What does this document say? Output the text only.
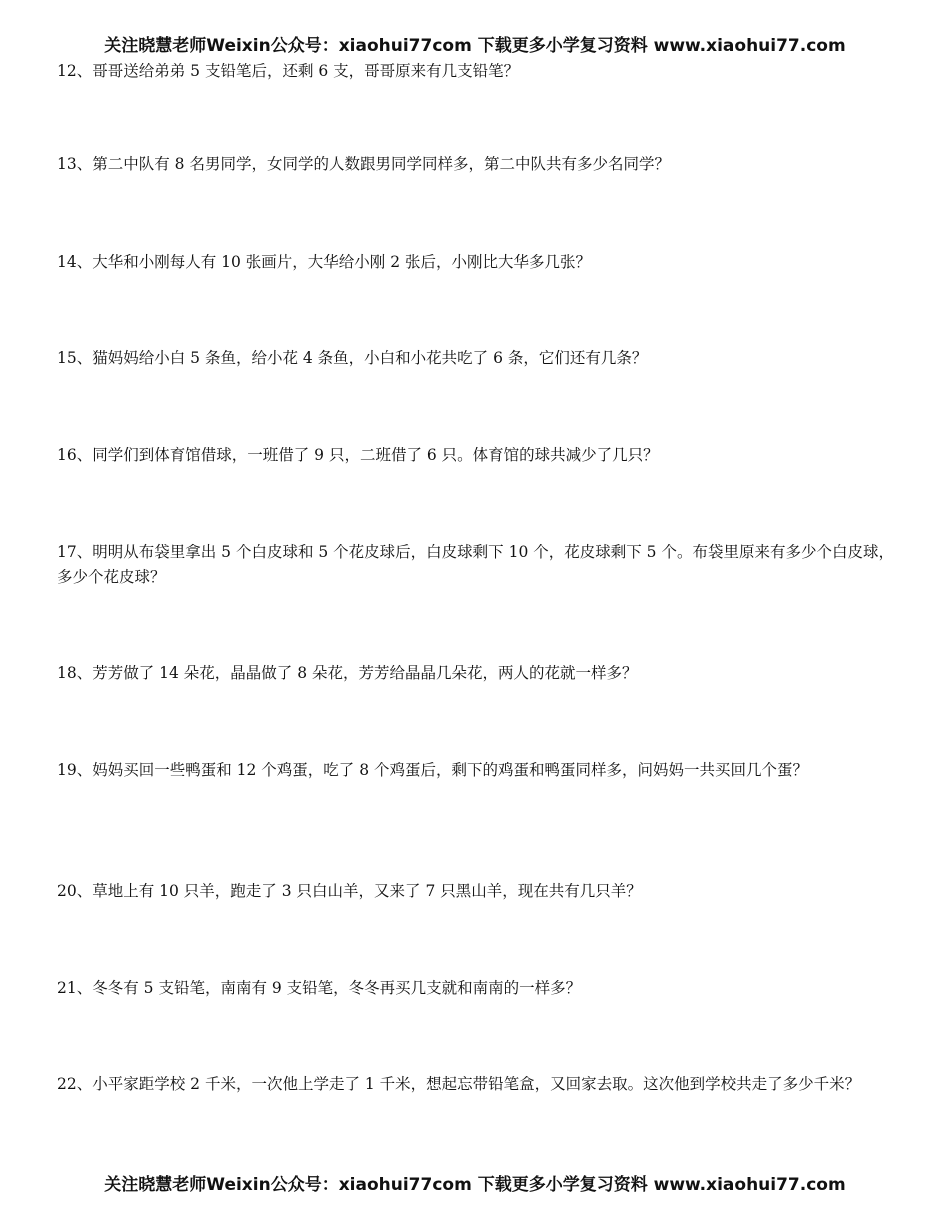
关注晓慧老师Weixin公众号：xiaohui77com 下载更多小学复习资料 www.xiaohui77.com

12、哥哥送给弟弟 5 支铅笔后，还剩 6 支，哥哥原来有几支铅笔？

13、第二中队有 8 名男同学，女同学的人数跟男同学同样多，第二中队共有多少名同学？

14、大华和小刚每人有 10 张画片，大华给小刚 2 张后，小刚比大华多几张？

15、猫妈妈给小白 5 条鱼，给小花 4 条鱼，小白和小花共吃了 6 条，它们还有几条？

16、同学们到体育馆借球，一班借了 9 只，二班借了 6 只。体育馆的球共减少了几只？

17、明明从布袋里拿出 5 个白皮球和 5 个花皮球后，白皮球剩下 10 个，花皮球剩下 5 个。布袋里原来有多少个白皮球，多少个花皮球？

18、芳芳做了 14 朵花，晶晶做了 8 朵花，芳芳给晶晶几朵花，两人的花就一样多？

19、妈妈买回一些鸭蛋和 12 个鸡蛋，吃了 8 个鸡蛋后，剩下的鸡蛋和鸭蛋同样多，问妈妈一共买回几个蛋？

20、草地上有 10 只羊，跑走了 3 只白山羊，又来了 7 只黑山羊，现在共有几只羊？

21、冬冬有 5 支铅笔，南南有 9 支铅笔，冬冬再买几支就和南南的一样多？

22、小平家距学校 2 千米，一次他上学走了 1 千米，想起忘带铅笔盒，又回家去取。这次他到学校共走了多少千米？

关注晓慧老师Weixin公众号：xiaohui77com 下载更多小学复习资料 www.xiaohui77.com
